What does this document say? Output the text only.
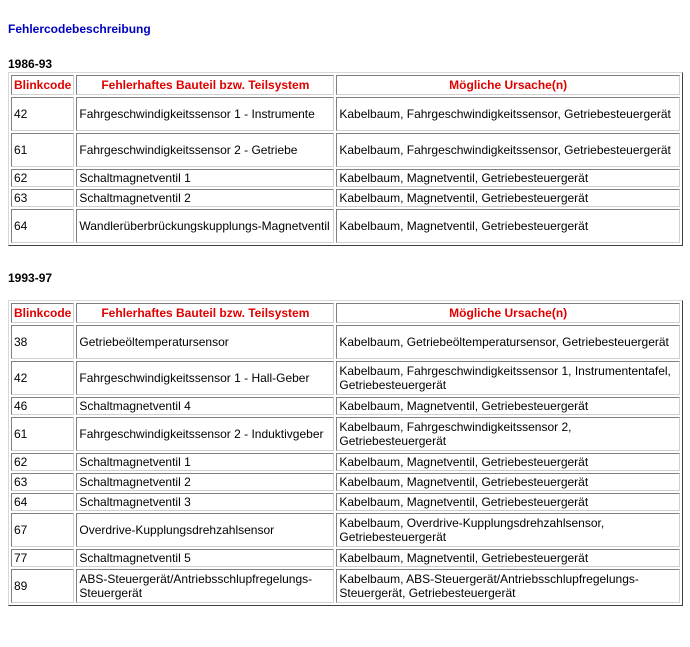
Fehlercodebeschreibung
1986-93
Blinkcode	Fehlerhaftes Bauteil bzw. Teilsystem	Mögliche Ursache(n)
42	Fahrgeschwindigkeitssensor 1 - Instrumente	Kabelbaum, Fahrgeschwindigkeitssensor, Getriebesteuergerät
61	Fahrgeschwindigkeitssensor 2 - Getriebe	Kabelbaum, Fahrgeschwindigkeitssensor, Getriebesteuergerät
62	Schaltmagnetventil 1	Kabelbaum, Magnetventil, Getriebesteuergerät
63	Schaltmagnetventil 2	Kabelbaum, Magnetventil, Getriebesteuergerät
64	Wandlerüberbrückungskupplungs-Magnetventil	Kabelbaum, Magnetventil, Getriebesteuergerät
1993-97
Blinkcode	Fehlerhaftes Bauteil bzw. Teilsystem	Mögliche Ursache(n)
38	Getriebeöltemperatursensor	Kabelbaum, Getriebeöltemperatursensor, Getriebesteuergerät
42	Fahrgeschwindigkeitssensor 1 - Hall-Geber	Kabelbaum, Fahrgeschwindigkeitssensor 1, Instrumententafel, Getriebesteuergerät
46	Schaltmagnetventil 4	Kabelbaum, Magnetventil, Getriebesteuergerät
61	Fahrgeschwindigkeitssensor 2 - Induktivgeber	Kabelbaum, Fahrgeschwindigkeitssensor 2, Getriebesteuergerät
62	Schaltmagnetventil 1	Kabelbaum, Magnetventil, Getriebesteuergerät
63	Schaltmagnetventil 2	Kabelbaum, Magnetventil, Getriebesteuergerät
64	Schaltmagnetventil 3	Kabelbaum, Magnetventil, Getriebesteuergerät
67	Overdrive-Kupplungsdrehzahlsensor	Kabelbaum, Overdrive-Kupplungsdrehzahlsensor, Getriebesteuergerät
77	Schaltmagnetventil 5	Kabelbaum, Magnetventil, Getriebesteuergerät
89	ABS-Steuergerät/Antriebsschlupfregelungs-Steuergerät	Kabelbaum, ABS-Steuergerät/Antriebsschlupfregelungs-Steuergerät, Getriebesteuergerät
